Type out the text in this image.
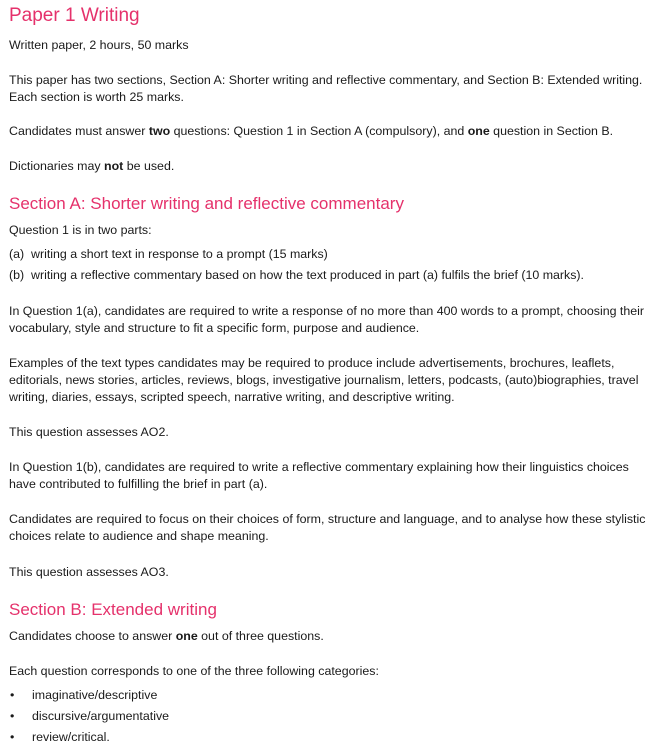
Paper 1 Writing

Written paper, 2 hours, 50 marks

This paper has two sections, Section A: Shorter writing and reflective commentary, and Section B: Extended writing. Each section is worth 25 marks.

Candidates must answer two questions: Question 1 in Section A (compulsory), and one question in Section B.

Dictionaries may not be used.

Section A: Shorter writing and reflective commentary

Question 1 is in two parts:

(a) writing a short text in response to a prompt (15 marks)
(b) writing a reflective commentary based on how the text produced in part (a) fulfils the brief (10 marks).

In Question 1(a), candidates are required to write a response of no more than 400 words to a prompt, choosing their vocabulary, style and structure to fit a specific form, purpose and audience.

Examples of the text types candidates may be required to produce include advertisements, brochures, leaflets, editorials, news stories, articles, reviews, blogs, investigative journalism, letters, podcasts, (auto)biographies, travel writing, diaries, essays, scripted speech, narrative writing, and descriptive writing.

This question assesses AO2.

In Question 1(b), candidates are required to write a reflective commentary explaining how their linguistics choices have contributed to fulfilling the brief in part (a).

Candidates are required to focus on their choices of form, structure and language, and to analyse how these stylistic choices relate to audience and shape meaning.

This question assesses AO3.

Section B: Extended writing

Candidates choose to answer one out of three questions.

Each question corresponds to one of the three following categories:

• imaginative/descriptive
• discursive/argumentative
• review/critical.
